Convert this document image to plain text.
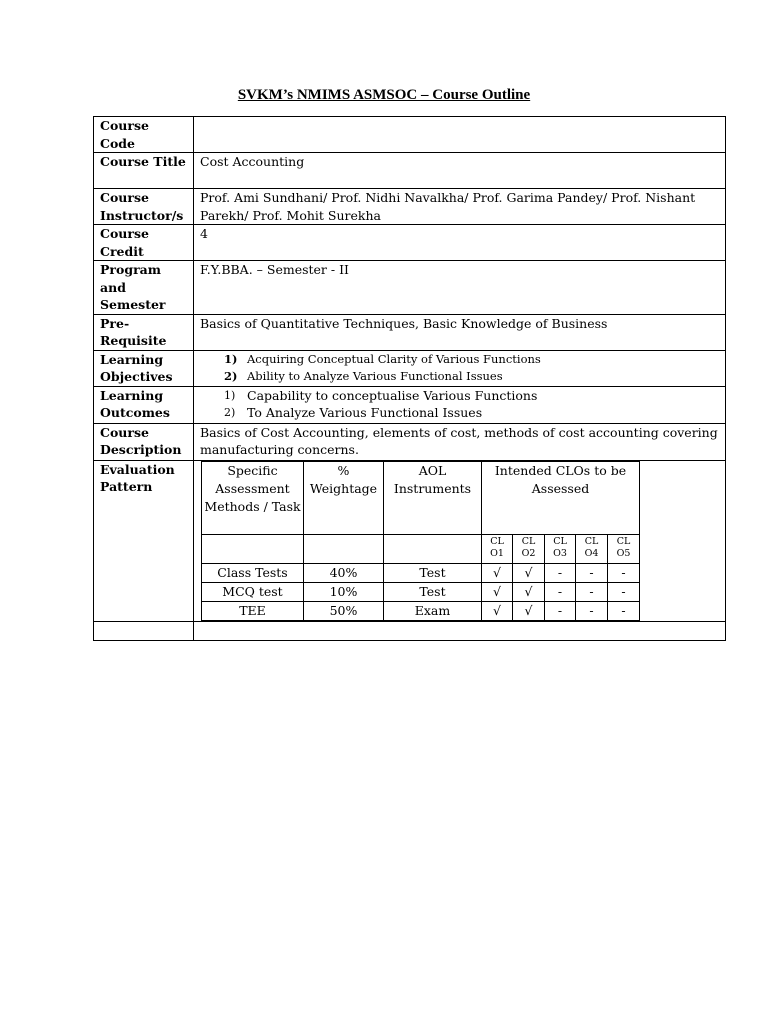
SVKM’s NMIMS ASMSOC – Course Outline
Course Code	
Course Title	Cost Accounting
Course Instructor/s	Prof. Ami Sundhani/ Prof. Nidhi Navalkha/ Prof. Garima Pandey/ Prof. Nishant Parekh/ Prof. Mohit Surekha
Course Credit	4
Program and Semester	F.Y.BBA. – Semester - II
Pre-Requisite	Basics of Quantitative Techniques, Basic Knowledge of Business
Learning Objectives	
1) Acquiring Conceptual Clarity of Various Functions
2) Ability to Analyze Various Functional Issues

Learning Outcomes	
1) Capability to conceptualise Various Functions
2) To Analyze Various Functional Issues

Course Description	Basics of Cost Accounting, elements of cost, methods of cost accounting covering manufacturing concerns.
Evaluation Pattern	
Specific Assessment Methods / Task	% Weightage	AOL Instruments	Intended CLOs to be Assessed
			CL O1	CL O2	CL O3	CL O4	CL O5
Class Tests	40%	Test	√	√	-	-	-
MCQ test	10%	Test	√	√	-	-	-
TEE	50%	Exam	√	√	-	-	-
